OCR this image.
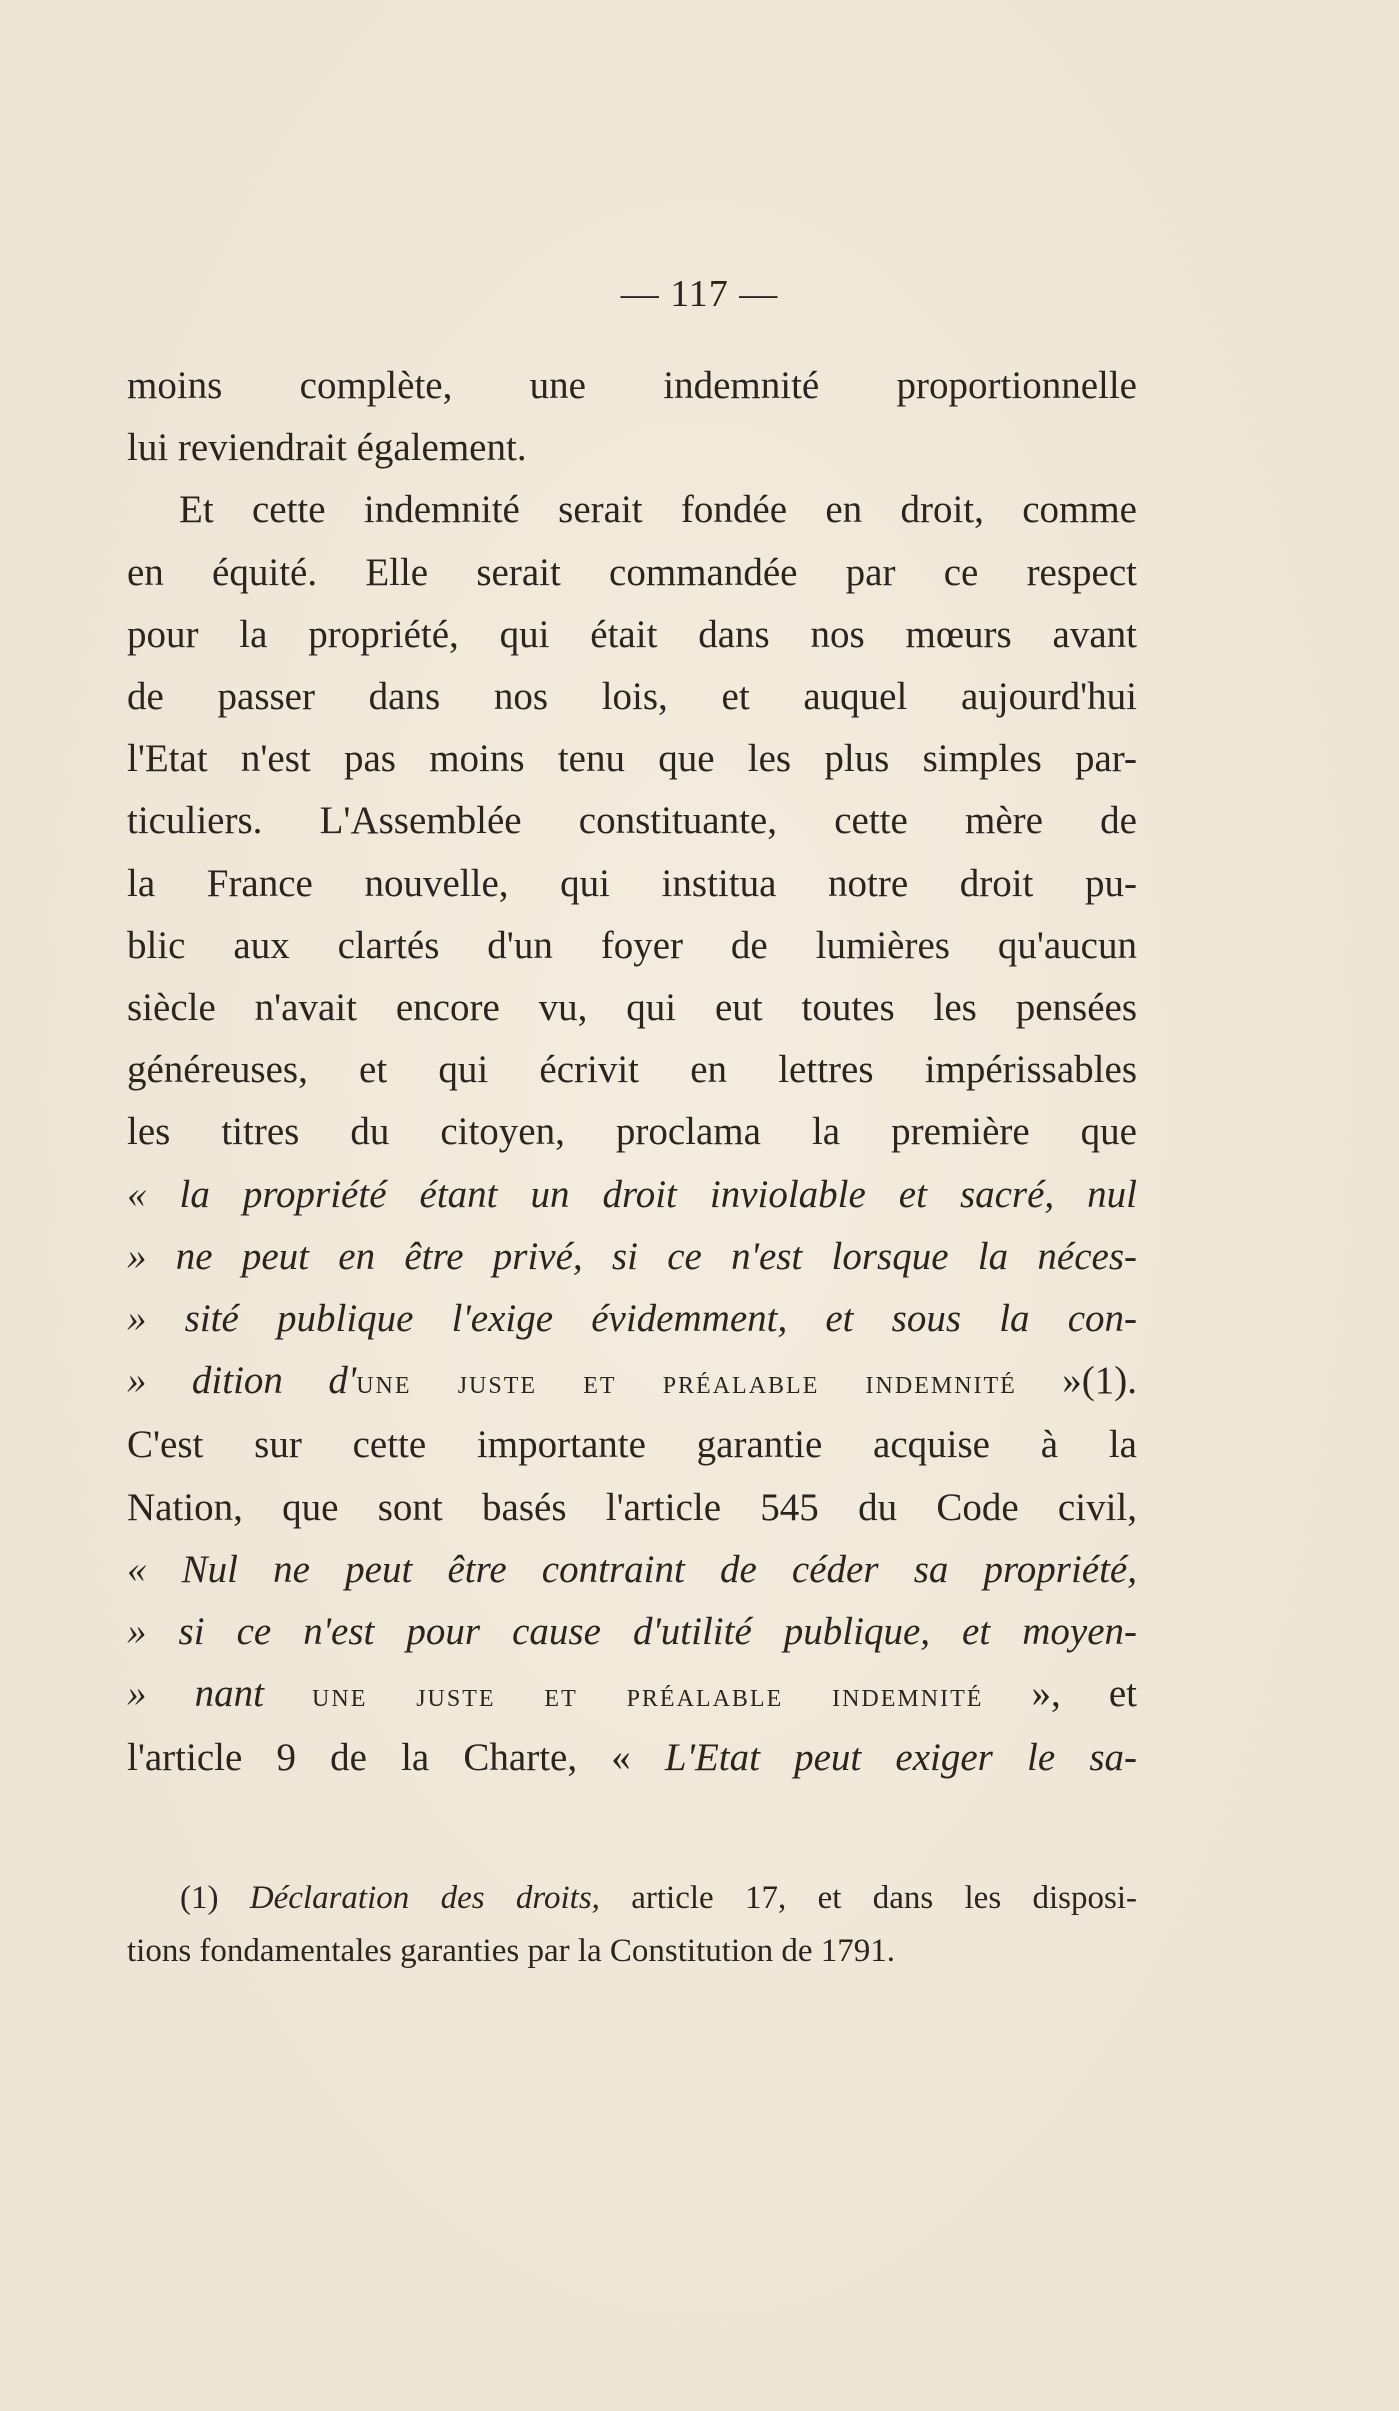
— 117 —
moins complète, une indemnité proportionnelle
lui reviendrait également.
Et cette indemnité serait fondée en droit, comme
en équité. Elle serait commandée par ce respect
pour la propriété, qui était dans nos mœurs avant
de passer dans nos lois, et auquel aujourd'hui
l'Etat n'est pas moins tenu que les plus simples par-
ticuliers. L'Assemblée constituante, cette mère de
la France nouvelle, qui institua notre droit pu-
blic aux clartés d'un foyer de lumières qu'aucun
siècle n'avait encore vu, qui eut toutes les pensées
généreuses, et qui écrivit en lettres impérissables
les titres du citoyen, proclama la première que
« la propriété étant un droit inviolable et sacré, nul
» ne peut en être privé, si ce n'est lorsque la néces-
» sité publique l'exige évidemment, et sous la con-
» dition d'une juste et préalable indemnité »(1).
C'est sur cette importante garantie acquise à la
Nation, que sont basés l'article 545 du Code civil,
« Nul ne peut être contraint de céder sa propriété,
» si ce n'est pour cause d'utilité publique, et moyen-
» nant une juste et préalable indemnité », et
l'article 9 de la Charte, « L'Etat peut exiger le sa-
(1) Déclaration des droits, article 17, et dans les disposi-
tions fondamentales garanties par la Constitution de 1791.
